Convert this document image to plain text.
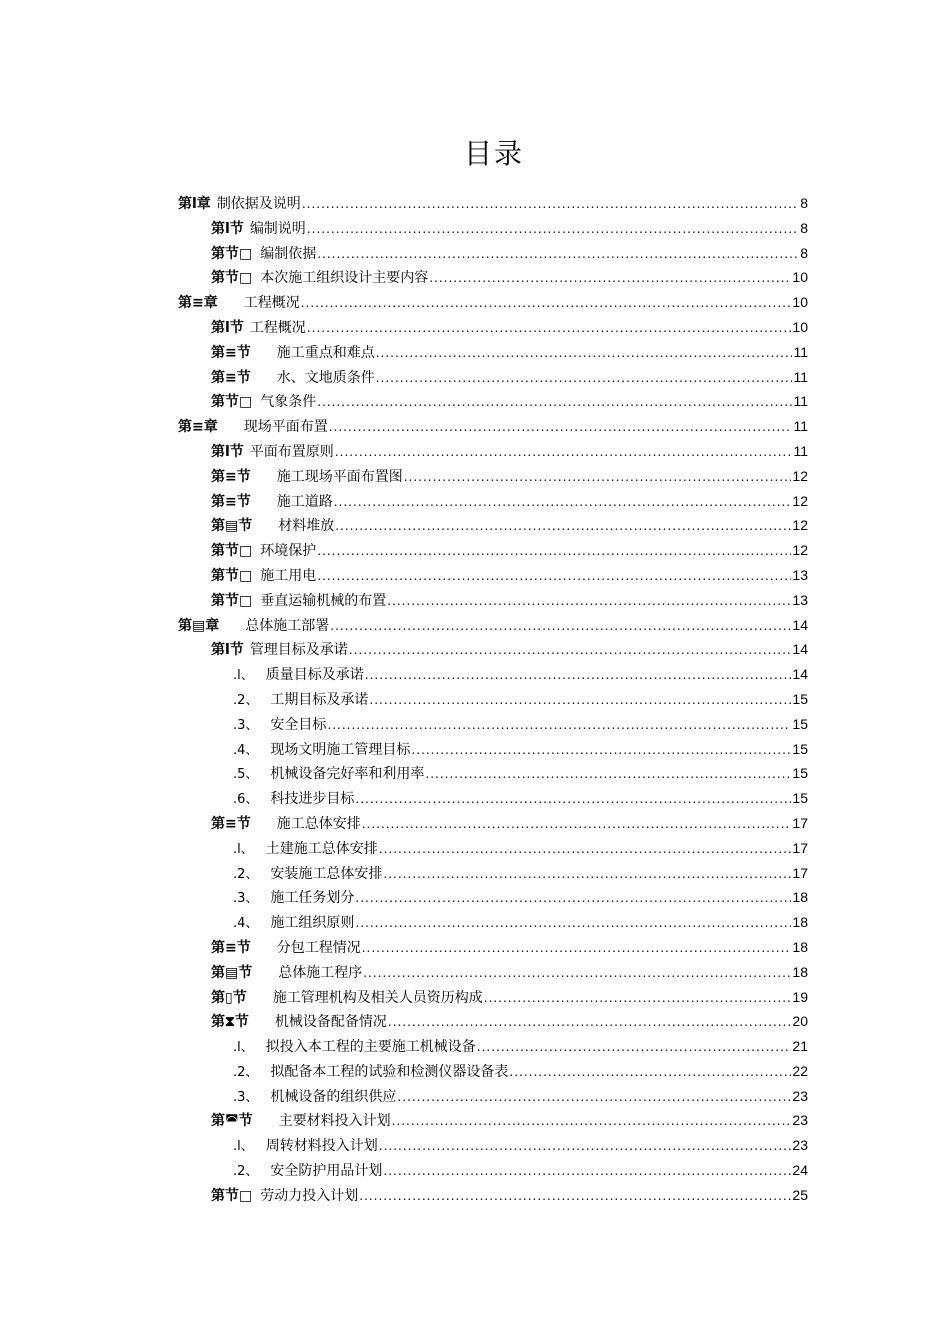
目录
第l章 制依据及说明 .....	8
第l节 编制说明 .....	8
第节□ 编制依据 .....	8
第节□ 本次施工组织设计主要内容 .....	10
第≡章 工程概况 .....	10
第l节 工程概况 .....	10
第≡节 施工重点和难点 .....	11
第≡节 水、文地质条件 .....	11
第节□ 气象条件 .....	11
第≡章 现场平面布置 .....	11
第l节 平面布置原则 .....	11
第≡节 施工现场平面布置图 .....	12
第≡节 施工道路 .....	12
第▤节 材料堆放 .....	12
第节□ 环境保护 .....	12
第节□ 施工用电 .....	13
第节□ 垂直运输机械的布置 .....	13
第▤章 总体施工部署 .....	14
第l节 管理目标及承诺 .....	14
.l、 质量目标及承诺 .....	14
.2、 工期目标及承诺 .....	15
.3、 安全目标 .....	15
.4、 现场文明施工管理目标 .....	15
.5、 机械设备完好率和利用率 .....	15
.6、 科技进步目标 .....	15
第≡节 施工总体安排 .....	17
.l、 土建施工总体安排 .....	17
.2、 安装施工总体安排 .....	17
.3、 施工任务划分 .....	18
.4、 施工组织原则 .....	18
第≡节 分包工程情况 .....	18
第▤节 总体施工程序 .....	18
第▯节 施工管理机构及相关人员资历构成 .....	19
第⧗节 机械设备配备情况 .....	20
.l、 拟投入本工程的主要施工机械设备 .....	21
.2、 拟配备本工程的试验和检测仪器设备表 .....	22
.3、 机械设备的组织供应 .....	23
第◚节 主要材料投入计划 .....	23
.l、 周转材料投入计划 .....	23
.2、 安全防护用品计划 .....	24
第节□ 劳动力投入计划 .....	25
